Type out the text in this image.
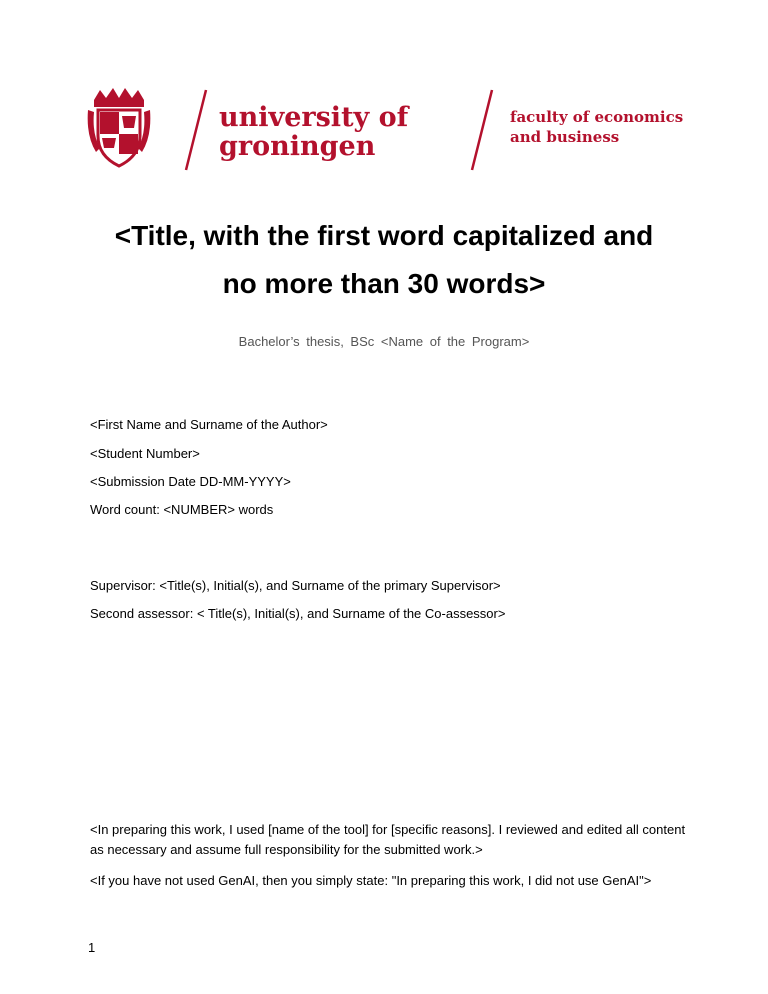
university of
groningen
faculty of economics
and business
<Title, with the first word capitalized and
no more than 30 words>
Bachelor’s thesis, BSc <Name of the Program>
<First Name and Surname of the Author>
<Student Number>
<Submission Date DD-MM-YYYY>
Word count: <NUMBER> words
Supervisor: <Title(s), Initial(s), and Surname of the primary Supervisor>
Second assessor: < Title(s), Initial(s), and Surname of the Co-assessor>
<In preparing this work, I used [name of the tool] for [specific reasons]. I reviewed and edited all content as necessary and assume full responsibility for the submitted work.>
<If you have not used GenAI, then you simply state: "In preparing this work, I did not use GenAI">
1
